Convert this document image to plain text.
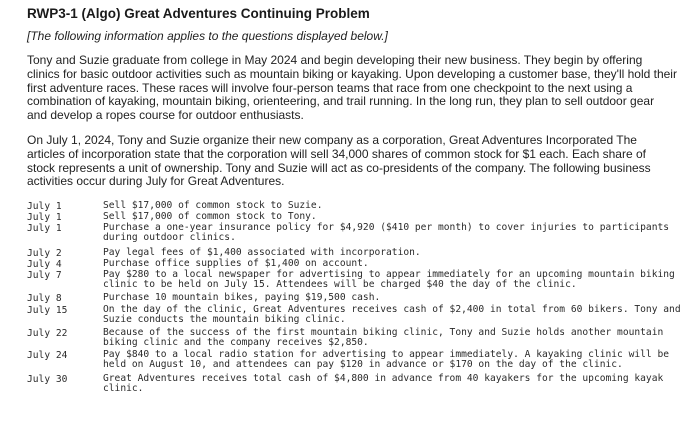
RWP3-1 (Algo) Great Adventures Continuing Problem
[The following information applies to the questions displayed below.]
Tony and Suzie graduate from college in May 2024 and begin developing their new business. They begin by offering clinics for basic outdoor activities such as mountain biking or kayaking. Upon developing a customer base, they'll hold their first adventure races. These races will involve four-person teams that race from one checkpoint to the next using a combination of kayaking, mountain biking, orienteering, and trail running. In the long run, they plan to sell outdoor gear and develop a ropes course for outdoor enthusiasts.
On July 1, 2024, Tony and Suzie organize their new company as a corporation, Great Adventures Incorporated The articles of incorporation state that the corporation will sell 34,000 shares of common stock for $1 each. Each share of stock represents a unit of ownership. Tony and Suzie will act as co-presidents of the company. The following business activities occur during July for Great Adventures.
July 1	Sell $17,000 of common stock to Suzie.
July 1	Sell $17,000 of common stock to Tony.
July 1	Purchase a one-year insurance policy for $4,920 ($410 per month) to cover injuries to participants during outdoor clinics.
July 2	Pay legal fees of $1,400 associated with incorporation.
July 4	Purchase office supplies of $1,400 on account.
July 7	Pay $280 to a local newspaper for advertising to appear immediately for an upcoming mountain biking clinic to be held on July 15. Attendees will be charged $40 the day of the clinic.
July 8	Purchase 10 mountain bikes, paying $19,500 cash.
July 15	On the day of the clinic, Great Adventures receives cash of $2,400 in total from 60 bikers. Tony and Suzie conducts the mountain biking clinic.
July 22	Because of the success of the first mountain biking clinic, Tony and Suzie holds another mountain biking clinic and the company receives $2,850.
July 24	Pay $840 to a local radio station for advertising to appear immediately. A kayaking clinic will be held on August 10, and attendees can pay $120 in advance or $170 on the day of the clinic.
July 30	Great Adventures receives total cash of $4,800 in advance from 40 kayakers for the upcoming kayak clinic.
